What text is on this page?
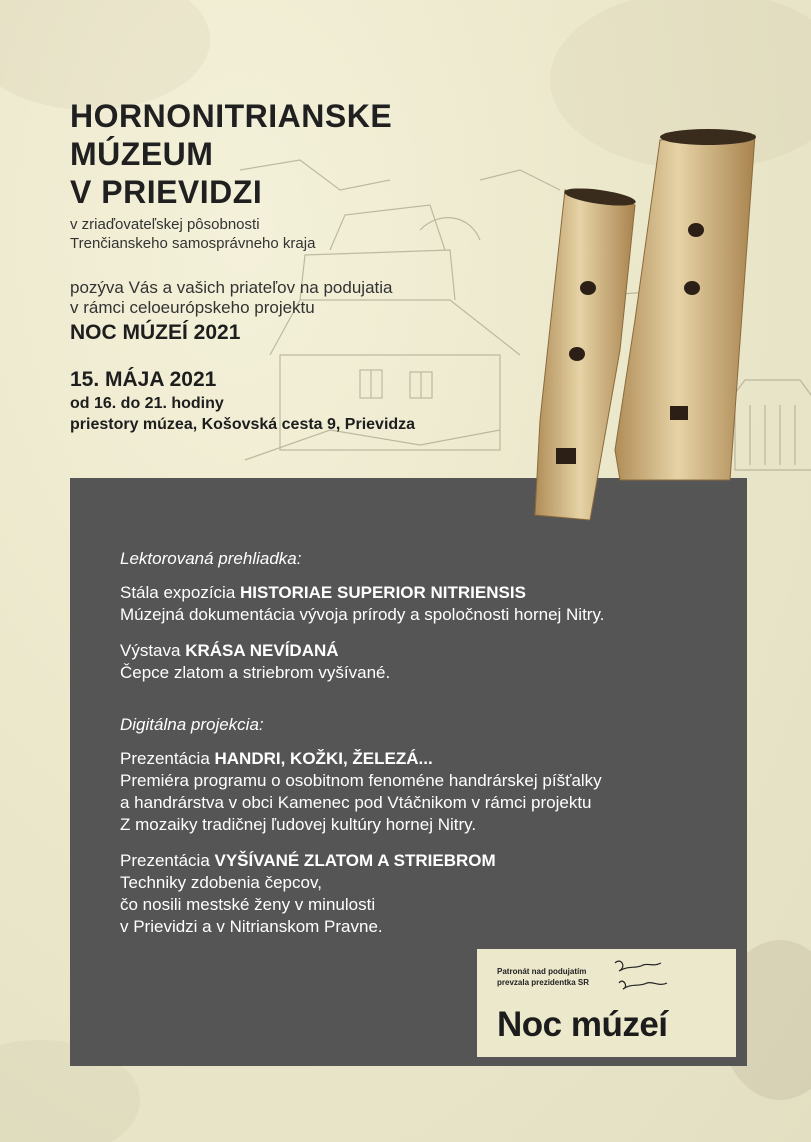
HORNONITRIANSKE
MÚZEUM
V PRIEVIDZI
v zriaďovateľskej pôsobnosti
Trenčianskeho samosprávneho kraja
pozýva Vás a vašich priateľov na podujatia
v rámci celoeurópskeho projektu
NOC MÚZEÍ 2021
15. MÁJA 2021
od 16. do 21. hodiny
priestory múzea, Košovská cesta 9, Prievidza
Lektorovaná prehliadka:
Stála expozícia HISTORIAE SUPERIOR NITRIENSIS
Múzejná dokumentácia vývoja prírody a spoločnosti hornej Nitry.
Výstava KRÁSA NEVÍDANÁ
Čepce zlatom a striebrom vyšívané.
Digitálna projekcia:
Prezentácia HANDRI, KOŽKI, ŽELEZÁ...
Premiéra programu o osobitnom fenoméne handrárskej píšťalky
a handrárstva v obci Kamenec pod Vtáčnikom v rámci projektu
Z mozaiky tradičnej ľudovej kultúry hornej Nitry.
Prezentácia VYŠÍVANÉ ZLATOM A STRIEBROM
Techniky zdobenia čepcov,
čo nosili mestské ženy v minulosti
v Prievidzi a v Nitrianskom Pravne.
Patronát nad podujatím
prevzala prezidentka SR
Noc múzeí
